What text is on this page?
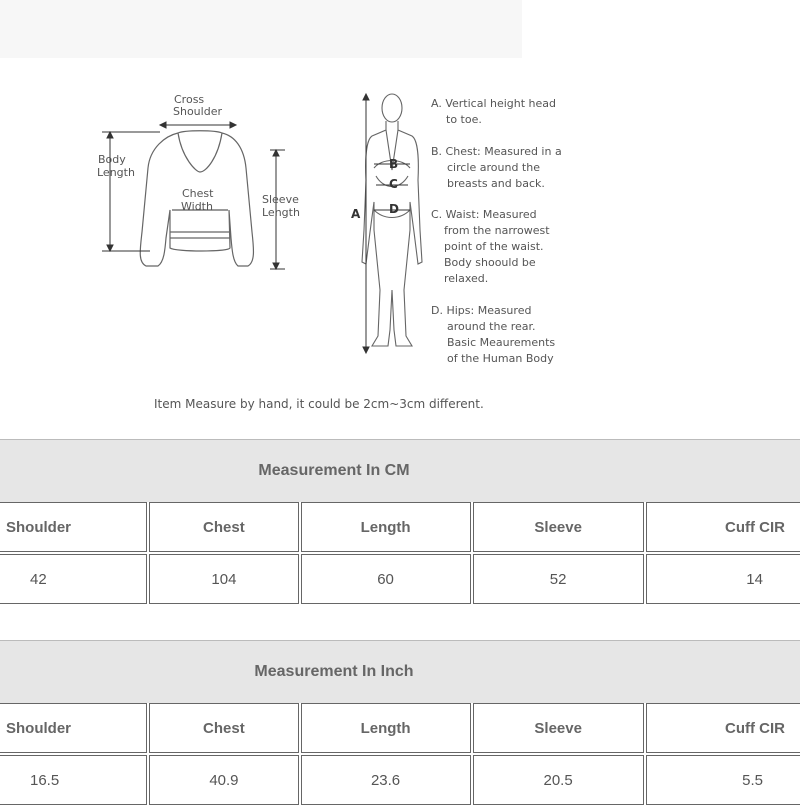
Cross
Shoulder
Body
Length
Chest
Width
Sleeve
Length
B
C
A D
A. Vertical height head
to toe.
B. Chest: Measured in a
circle around the
breasts and back.
C. Waist: Measured
from the narrowest
point of the waist.
Body shoould be
relaxed.
D. Hips: Measured
around the rear.
Basic Meaurements
of the Human Body
Item Measure by hand, it could be 2cm~3cm different.
Measurement In CM
Shoulder	Chest	Length	Sleeve	Cuff CIR
42	104	60	52	14
Measurement In Inch
Shoulder	Chest	Length	Sleeve	Cuff CIR
16.5	40.9	23.6	20.5	5.5
